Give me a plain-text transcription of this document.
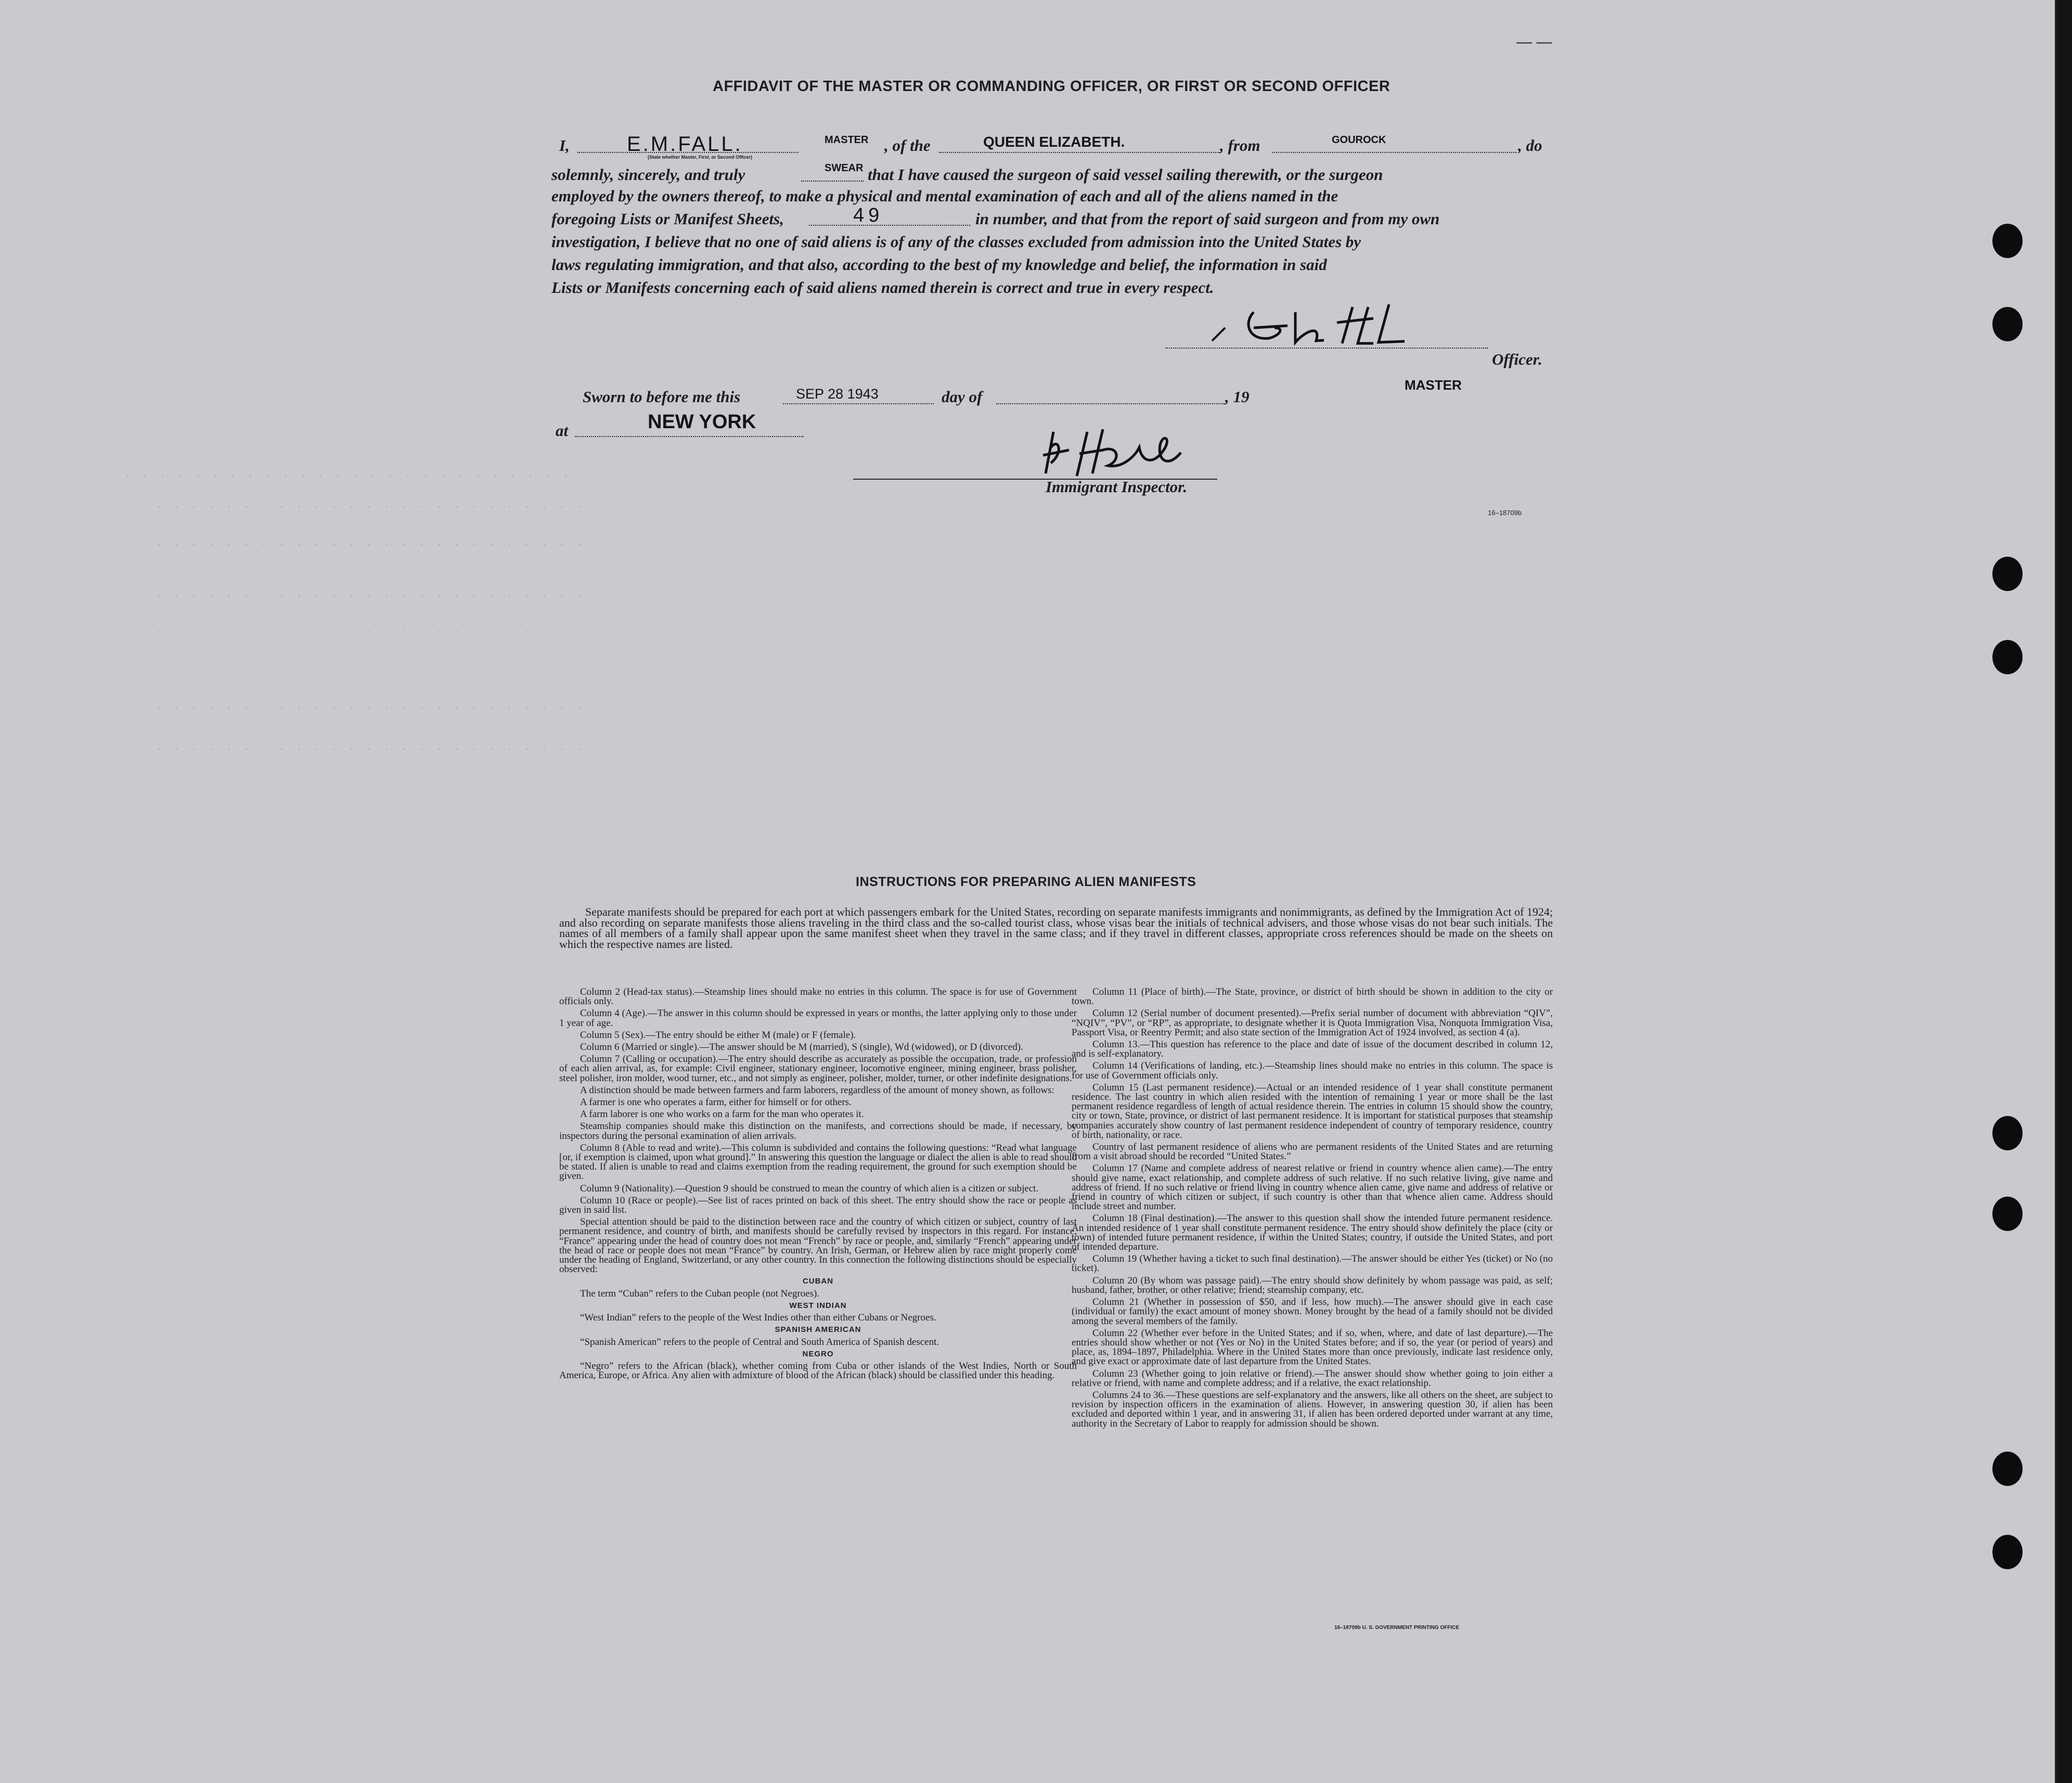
— —
· · · · · · · · · · · · · · · · · · · · · · · · · ·
· · · · · · · · · · · · · · · · · · · · · · · · ·
· · · · · · · · · · · · · · · · · · · · · · · · ·
· · · · · · · · · · · · · · · · · · · · · · · · ·
· · · · · · · · · · · · · · · · · · · · · · · · ·
· · · · · · · · · · · · · · · · · · · · · · · · ·
· · · · · · · · · · · · · · · · · · · · · · · · ·
AFFIDAVIT OF THE MASTER OR COMMANDING OFFICER, OR FIRST OR SECOND OFFICER
I,	E.M.FALL.	MASTER
(State whether Master, First, or Second Officer)
, of the	QUEEN ELIZABETH.	, from	GOUROCK	, do
solemnly, sincerely, and truly	SWEAR that I have caused the surgeon of said vessel sailing therewith, or the surgeon
employed by the owners thereof, to make a physical and mental examination of each and all of the aliens named in the
foregoing Lists or Manifest Sheets,	49	in number, and that from the report of said surgeon and from my own
investigation, I believe that no one of said aliens is of any of the classes excluded from admission into the United States by
laws regulating immigration, and that also, according to the best of my knowledge and belief, the information in said
Lists or Manifests concerning each of said aliens named therein is correct and true in every respect.
Officer.
MASTER
Sworn to before me this	SEP 28 1943	day of	, 19
at	NEW YORK
Immigrant Inspector.
16–18709b
INSTRUCTIONS FOR PREPARING ALIEN MANIFESTS
Separate manifests should be prepared for each port at which passengers embark for the United States, recording on separate manifests immigrants and nonimmigrants, as defined by the Immigration Act of 1924; and also recording on separate manifests those aliens traveling in the third class and the so-called tourist class, whose visas bear the initials of technical advisers, and those whose visas do not bear such initials. The names of all members of a family shall appear upon the same manifest sheet when they travel in the same class; and if they travel in different classes, appropriate cross references should be made on the sheets on which the respective names are listed.

Column 2 (Head-tax status).—Steamship lines should make no entries in this column. The space is for use of Government officials only.

Column 4 (Age).—The answer in this column should be expressed in years or months, the latter applying only to those under 1 year of age.

Column 5 (Sex).—The entry should be either M (male) or F (female).

Column 6 (Married or single).—The answer should be M (married), S (single), Wd (widowed), or D (divorced).

Column 7 (Calling or occupation).—The entry should describe as accurately as possible the occupation, trade, or profession of each alien arrival, as, for example: Civil engineer, stationary engineer, locomotive engineer, mining engineer, brass polisher, steel polisher, iron molder, wood turner, etc., and not simply as engineer, polisher, molder, turner, or other indefinite designations.

A distinction should be made between farmers and farm laborers, regardless of the amount of money shown, as follows:

A farmer is one who operates a farm, either for himself or for others.

A farm laborer is one who works on a farm for the man who operates it.

Steamship companies should make this distinction on the manifests, and corrections should be made, if necessary, by inspectors during the personal examination of alien arrivals.

Column 8 (Able to read and write).—This column is subdivided and contains the following questions: “Read what language [or, if exemption is claimed, upon what ground].” In answering this question the language or dialect the alien is able to read should be stated. If alien is unable to read and claims exemption from the reading requirement, the ground for such exemption should be given.

Column 9 (Nationality).—Question 9 should be construed to mean the country of which alien is a citizen or subject.

Column 10 (Race or people).—See list of races printed on back of this sheet. The entry should show the race or people as given in said list.

Special attention should be paid to the distinction between race and the country of which citizen or subject, country of last permanent residence, and country of birth, and manifests should be carefully revised by inspectors in this regard. For instance, “France” appearing under the head of country does not mean “French” by race or people, and, similarly “French” appearing under the head of race or people does not mean “France” by country. An Irish, German, or Hebrew alien by race might properly come under the heading of England, Switzerland, or any other country. In this connection the following distinctions should be especially observed:

CUBAN

The term “Cuban” refers to the Cuban people (not Negroes).

WEST INDIAN

“West Indian” refers to the people of the West Indies other than either Cubans or Negroes.

SPANISH AMERICAN

“Spanish American” refers to the people of Central and South America of Spanish descent.

NEGRO

“Negro” refers to the African (black), whether coming from Cuba or other islands of the West Indies, North or South America, Europe, or Africa. Any alien with admixture of blood of the African (black) should be classified under this heading.

Column 11 (Place of birth).—The State, province, or district of birth should be shown in addition to the city or town.

Column 12 (Serial number of document presented).—Prefix serial number of document with abbreviation “QIV”, “NQIV”, “PV”, or “RP”, as appropriate, to designate whether it is Quota Immigration Visa, Nonquota Immigration Visa, Passport Visa, or Reentry Permit; and also state section of the Immigration Act of 1924 involved, as section 4 (a).

Column 13.—This question has reference to the place and date of issue of the document described in column 12, and is self-explanatory.

Column 14 (Verifications of landing, etc.).—Steamship lines should make no entries in this column. The space is for use of Government officials only.

Column 15 (Last permanent residence).—Actual or an intended residence of 1 year shall constitute permanent residence. The last country in which alien resided with the intention of remaining 1 year or more shall be the last permanent residence regardless of length of actual residence therein. The entries in column 15 should show the country, city or town, State, province, or district of last permanent residence. It is important for statistical purposes that steamship companies accurately show country of last permanent residence independent of country of temporary residence, country of birth, nationality, or race.

Country of last permanent residence of aliens who are permanent residents of the United States and are returning from a visit abroad should be recorded “United States.”

Column 17 (Name and complete address of nearest relative or friend in country whence alien came).—The entry should give name, exact relationship, and complete address of such relative. If no such relative living, give name and address of friend. If no such relative or friend living in country whence alien came, give name and address of relative or friend in country of which citizen or subject, if such country is other than that whence alien came. Address should include street and number.

Column 18 (Final destination).—The answer to this question shall show the intended future permanent residence. An intended residence of 1 year shall constitute permanent residence. The entry should show definitely the place (city or town) of intended future permanent residence, if within the United States; country, if outside the United States, and port of intended departure.

Column 19 (Whether having a ticket to such final destination).—The answer should be either Yes (ticket) or No (no ticket).

Column 20 (By whom was passage paid).—The entry should show definitely by whom passage was paid, as self; husband, father, brother, or other relative; friend; steamship company, etc.

Column 21 (Whether in possession of $50, and if less, how much).—The answer should give in each case (individual or family) the exact amount of money shown. Money brought by the head of a family should not be divided among the several members of the family.

Column 22 (Whether ever before in the United States; and if so, when, where, and date of last departure).—The entries should show whether or not (Yes or No) in the United States before; and if so, the year (or period of years) and place, as, 1894–1897, Philadelphia. Where in the United States more than once previously, indicate last residence only, and give exact or approximate date of last departure from the United States.

Column 23 (Whether going to join relative or friend).—The answer should show whether going to join either a relative or friend, with name and complete address; and if a relative, the exact relationship.

Columns 24 to 36.—These questions are self-explanatory and the answers, like all others on the sheet, are subject to revision by inspection officers in the examination of aliens. However, in answering question 30, if alien has been excluded and deported within 1 year, and in answering 31, if alien has been ordered deported under warrant at any time, authority in the Secretary of Labor to reapply for admission should be shown.

16–18709b U. S. GOVERNMENT PRINTING OFFICE
